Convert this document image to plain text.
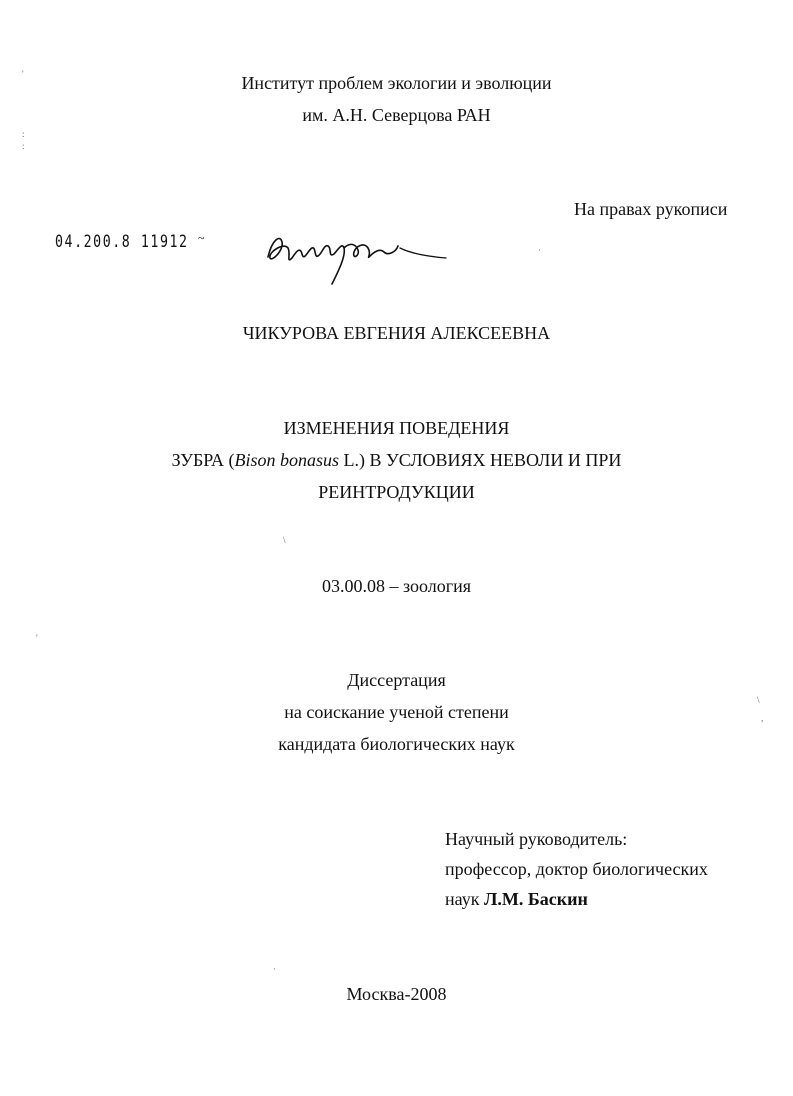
Институт проблем экологии и эволюции
им. А.Н. Северцова РАН
На правах рукописи
04.200.8 11912 ~
ЧИКУРОВА ЕВГЕНИЯ АЛЕКСЕЕВНА
ИЗМЕНЕНИЯ ПОВЕДЕНИЯ
ЗУБРА (Bison bonasus L.) В УСЛОВИЯХ НЕВОЛИ И ПРИ
РЕИНТРОДУКЦИИ
03.00.08 – зоология
Диссертация
на соискание ученой степени
кандидата биологических наук
Научный руководитель:
профессор, доктор биологических
наук Л.М. Баскин
Москва-2008
'
:
:
·
\
'
\
,
·
